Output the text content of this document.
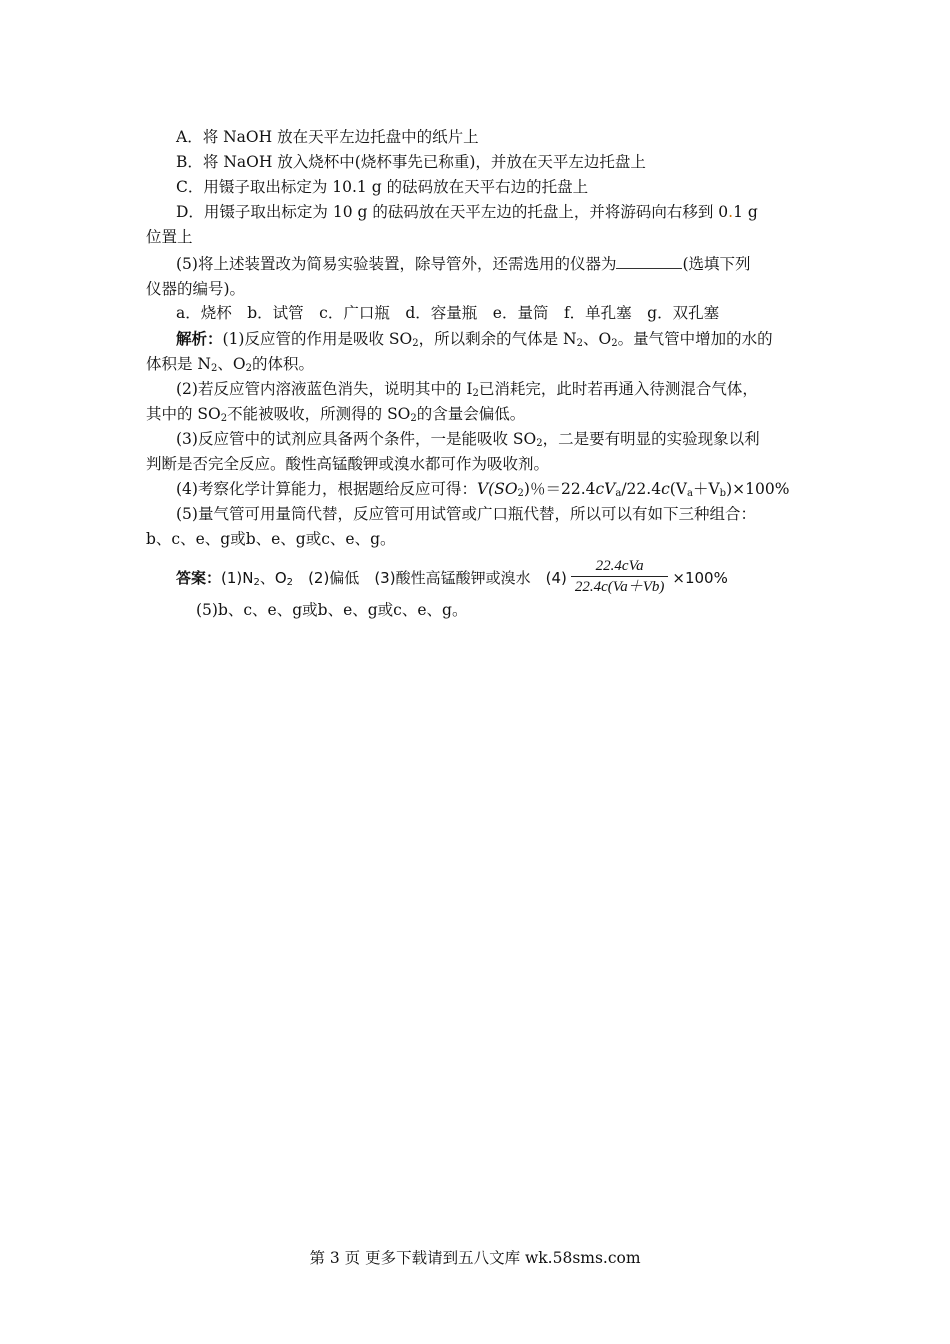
A．将 NaOH 放在天平左边托盘中的纸片上
B．将 NaOH 放入烧杯中(烧杯事先已称重)，并放在天平左边托盘上
C．用镊子取出标定为 10.1 g 的砝码放在天平右边的托盘上
D．用镊子取出标定为 10 g 的砝码放在天平左边的托盘上，并将游码向右移到 0.1 g
位置上
(5)将上述装置改为简易实验装置，除导管外，还需选用的仪器为	(选填下列
仪器的编号)。
a．烧杯　b．试管　c．广口瓶　d．容量瓶　e．量筒　f．单孔塞　g．双孔塞
解析：(1)反应管的作用是吸收 $SO_2$，所以剩余的气体是 $N_2$、$O_2$。量气管中增加的水的
体积是 $N_2$、$O_2$的体积。
(2)若反应管内溶液蓝色消失，说明其中的 $I_2$已消耗完，此时若再通入待测混合气体，
其中的 $SO_2$不能被吸收，所测得的 $SO_2$的含量会偏低。
(3)反应管中的试剂应具备两个条件，一是能吸收 $SO_2$，二是要有明显的实验现象以利
判断是否完全反应。酸性高锰酸钾或溴水都可作为吸收剂。
(4)考察化学计算能力，根据题给反应可得：$V(SO_2)$％$=22.4cV_a/22.4c(V_a+V_b)\times 100\%$
(5)量气管可用量筒代替，反应管可用试管或广口瓶代替，所以可以有如下三种组合：
b、c、e、g或b、e、g或c、e、g。
答案：$(1)N_2$、$O_2$　 (2)偏低　 (3)酸性高锰酸钾或溴水　 $(4) \frac{\text{22.4cVa}}{22.4c(Va+Vb)} \times 100\%$
(5)b、c、e、g或b、e、g或c、e、g。
第 3 页 更多下载请到五八文库 wk.58sms.com
